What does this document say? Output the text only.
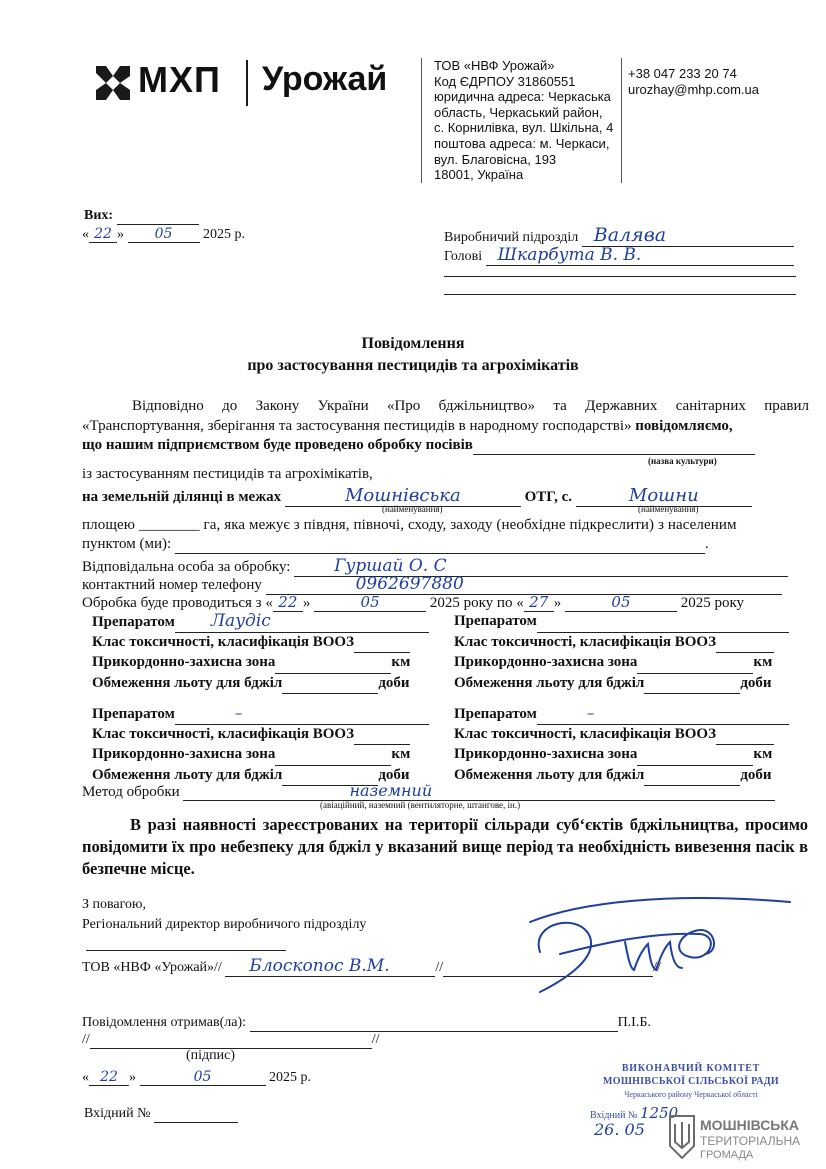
МХП Урожай	ТОВ «НВФ Урожай»
Код ЄДРПОУ 31860551
юридична адреса: Черкаська
область, Черкаський район,
с. Корнилівка, вул. Шкільна, 4
поштова адреса: м. Черкаси,
вул. Благовісна, 193
18001, Україна
+38 047 233 20 74
urozhay@mhp.com.ua
Вих:
« 22 » 05 2025 р.	Виробничий підрозділ Валява
Голові Шкарбута В. В.
Повідомлення
про застосування пестицидів та агрохімікатів
Відповідно до Закону України «Про бджільництво» та Державних санітарних правил
«Транспортування, зберігання та застосування пестицидів в народному господарстві» повідомляємо,
що нашим підприємством буде проведено обробку посівів
(назва культури)
із застосуванням пестицидів та агрохімікатів,
на земельній ділянці в межах	Мошнівська	ОТГ, с.	Мошни
(найменування)	(найменування)
площею ________ га, яка межує з півдня, півночі, сходу, заходу (необхідне підкреслити) з населеним
пунктом (ми):	.
Відповідальна особа за обробку:	Гуршай О. С
контактний номер телефону	0962697880
Обробка буде проводиться з « 22 »	05	2025 року по « 27 »	05	2025 року
Препаратом Лаудіс
Клас токсичності, класифікація ВООЗ
Прикордонно-захисна зона	км
Обмеження льоту для бджіл	доби
Препаратом
Клас токсичності, класифікація ВООЗ
Прикордонно-захисна зона	км
Обмеження льоту для бджіл	доби
Препаратом	–
Клас токсичності, класифікація ВООЗ
Прикордонно-захисна зона	км
Обмеження льоту для бджіл	доби
Препаратом	–
Клас токсичності, класифікація ВООЗ
Прикордонно-захисна зона	км
Обмеження льоту для бджіл	доби
Метод обробки	наземний
(авіаційний, наземний (вентиляторне, штангове, ін.)
В разі наявності зареєстрованих на території сільради суб‘єктів бджільництва, просимо повідомити їх про небезпеку для бджіл у вказаний вище період та необхідність вивезення пасік в безпечне місце.
З повагою,
Регіональний директор виробничого підрозділу
ТОВ «НВФ «Урожай»// Блоскопос В.М.	//	//
Повідомлення отримав(ла):	П.І.Б.
//	//
(підпис)
« 22 »	05	2025 р.
Вхідний №
ВИКОНАВЧИЙ КОМІТЕТ
МОШНІВСЬКОЇ СІЛЬСЬКОЇ РАДИ
Черкаського району Черкаської області
Вхідний № 1250
26. 05	МОШНІВСЬКА
ТЕРИТОРІАЛЬНА
ГРОМАДА
